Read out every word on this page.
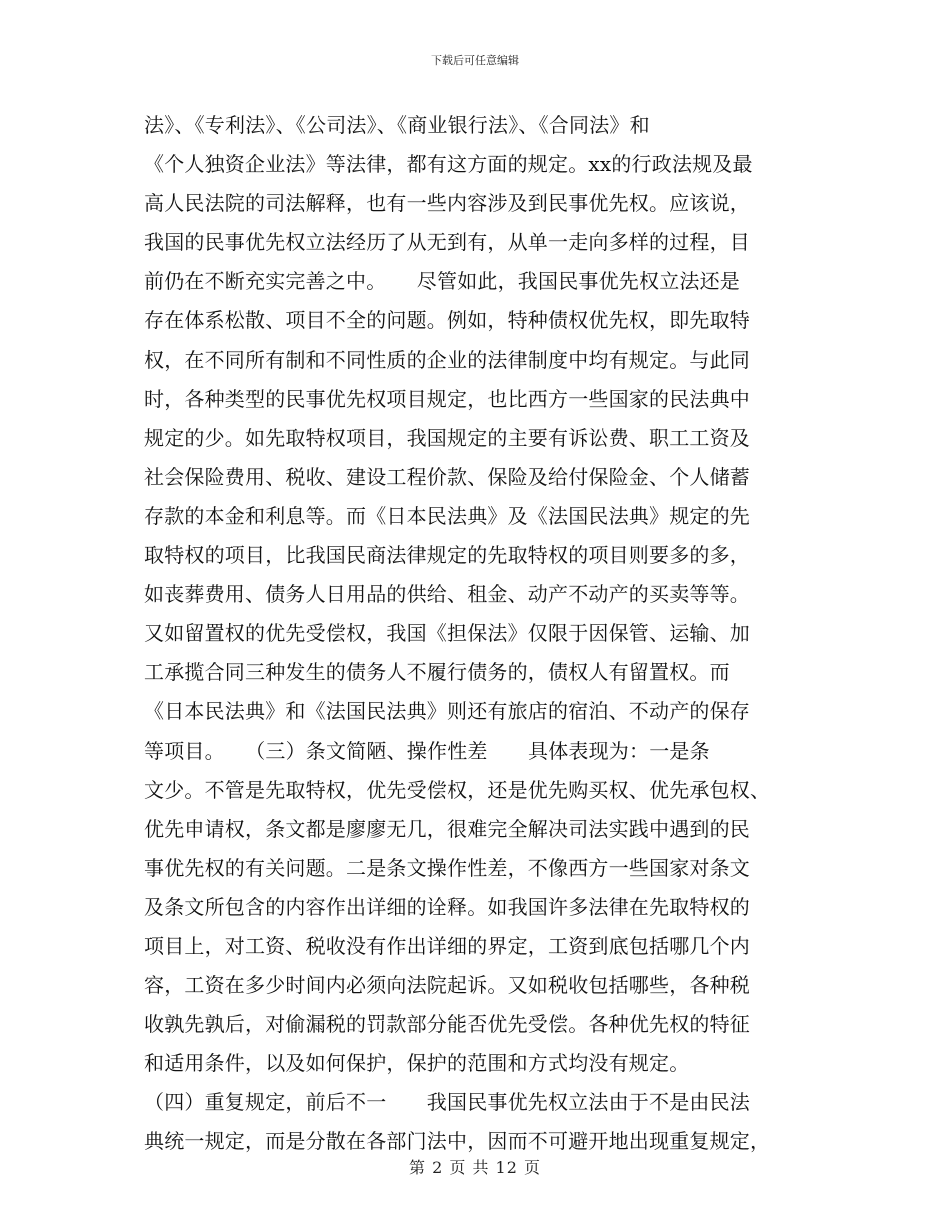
下载后可任意编辑
法》、《专利法》、《公司法》、《商业银行法》、《合同法》和
《个人独资企业法》等法律，都有这方面的规定。xx的行政法规及最
高人民法院的司法解释，也有一些内容涉及到民事优先权。应该说，
我国的民事优先权立法经历了从无到有，从单一走向多样的过程，目
前仍在不断充实完善之中。　　尽管如此，我国民事优先权立法还是
存在体系松散、项目不全的问题。例如，特种债权优先权，即先取特
权，在不同所有制和不同性质的企业的法律制度中均有规定。与此同
时，各种类型的民事优先权项目规定，也比西方一些国家的民法典中
规定的少。如先取特权项目，我国规定的主要有诉讼费、职工工资及
社会保险费用、税收、建设工程价款、保险及给付保险金、个人储蓄
存款的本金和利息等。而《日本民法典》及《法国民法典》规定的先
取特权的项目，比我国民商法律规定的先取特权的项目则要多的多，
如丧葬费用、债务人日用品的供给、租金、动产不动产的买卖等等。
又如留置权的优先受偿权，我国《担保法》仅限于因保管、运输、加
工承揽合同三种发生的债务人不履行债务的，债权人有留置权。而
《日本民法典》和《法国民法典》则还有旅店的宿泊、不动产的保存
等项目。　　（三）条文简陋、操作性差　　具体表现为：一是条
文少。不管是先取特权，优先受偿权，还是优先购买权、优先承包权、
优先申请权，条文都是廖廖无几，很难完全解决司法实践中遇到的民
事优先权的有关问题。二是条文操作性差，不像西方一些国家对条文
及条文所包含的内容作出详细的诠释。如我国许多法律在先取特权的
项目上，对工资、税收没有作出详细的界定，工资到底包括哪几个内
容，工资在多少时间内必须向法院起诉。又如税收包括哪些，各种税
收孰先孰后，对偷漏税的罚款部分能否优先受偿。各种优先权的特征
和适用条件，以及如何保护，保护的范围和方式均没有规定。
（四）重复规定，前后不一　　我国民事优先权立法由于不是由民法
典统一规定，而是分散在各部门法中，因而不可避开地出现重复规定，
第 2 页 共 12 页
